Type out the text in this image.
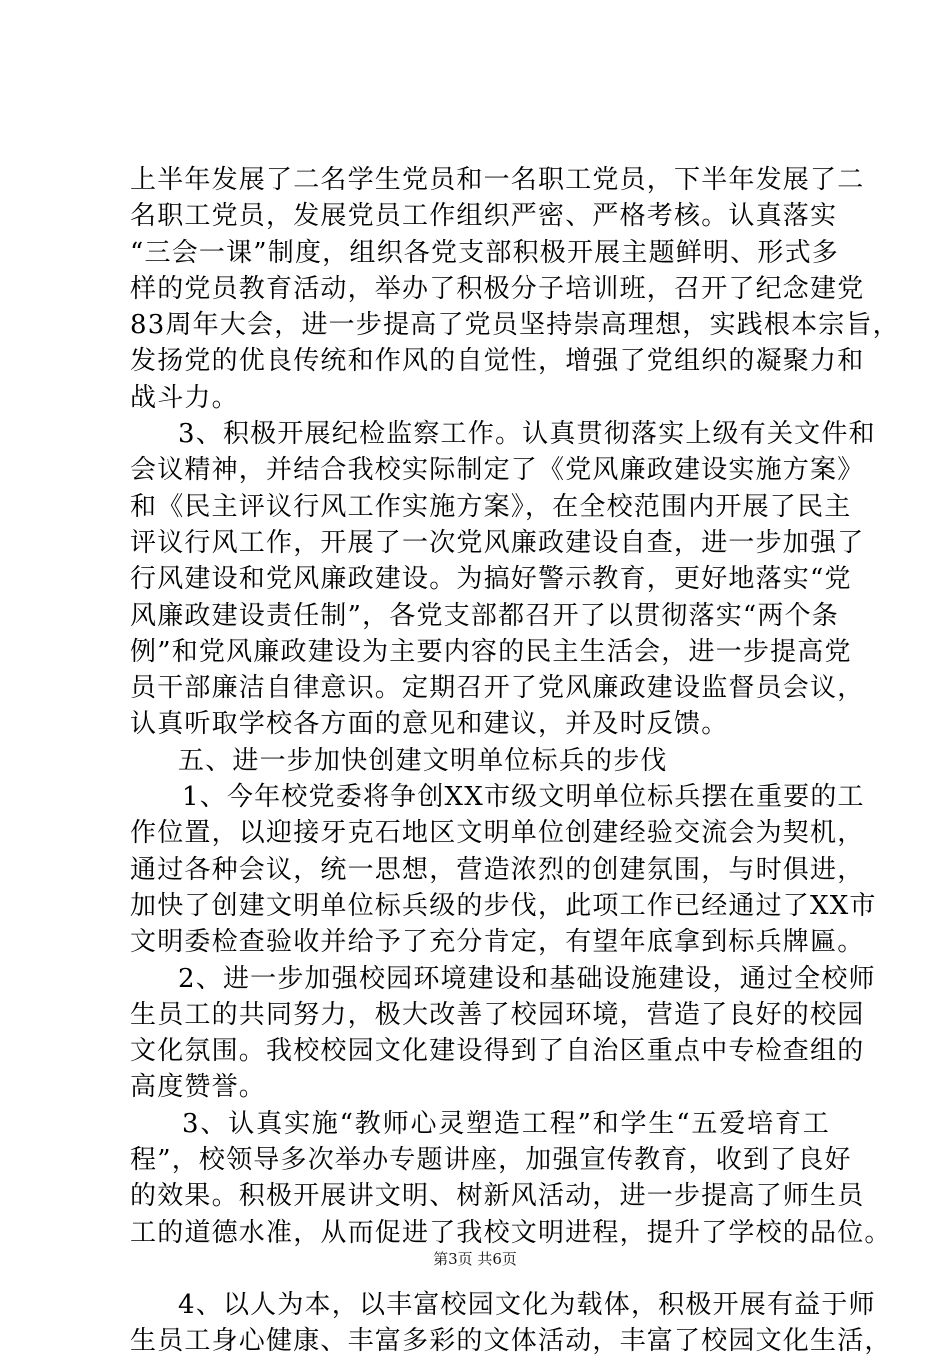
上半年发展了二名学生党员和一名职工党员，下半年发展了二
名职工党员，发展党员工作组织严密、严格考核。认真落实
“三会一课”制度，组织各党支部积极开展主题鲜明、形式多
样的党员教育活动，举办了积极分子培训班，召开了纪念建党
83周年大会，进一步提高了党员坚持崇高理想，实践根本宗旨，
发扬党的优良传统和作风的自觉性，增强了党组织的凝聚力和
战斗力。
3、积极开展纪检监察工作。认真贯彻落实上级有关文件和
会议精神，并结合我校实际制定了《党风廉政建设实施方案》
和《民主评议行风工作实施方案》，在全校范围内开展了民主
评议行风工作，开展了一次党风廉政建设自查，进一步加强了
行风建设和党风廉政建设。为搞好警示教育，更好地落实“党
风廉政建设责任制”，各党支部都召开了以贯彻落实“两个条
例”和党风廉政建设为主要内容的民主生活会，进一步提高党
员干部廉洁自律意识。定期召开了党风廉政建设监督员会议，
认真听取学校各方面的意见和建议，并及时反馈。
五、进一步加快创建文明单位标兵的步伐
1、今年校党委将争创XX市级文明单位标兵摆在重要的工
作位置，以迎接牙克石地区文明单位创建经验交流会为契机，
通过各种会议，统一思想，营造浓烈的创建氛围，与时俱进，
加快了创建文明单位标兵级的步伐，此项工作已经通过了XX市
文明委检查验收并给予了充分肯定，有望年底拿到标兵牌匾。
2、进一步加强校园环境建设和基础设施建设，通过全校师
生员工的共同努力，极大改善了校园环境，营造了良好的校园
文化氛围。我校校园文化建设得到了自治区重点中专检查组的
高度赞誉。
3、认真实施“教师心灵塑造工程”和学生“五爱培育工
程”，校领导多次举办专题讲座，加强宣传教育，收到了良好
的效果。积极开展讲文明、树新风活动，进一步提高了师生员
工的道德水准，从而促进了我校文明进程，提升了学校的品位。
4、以人为本，以丰富校园文化为载体，积极开展有益于师
生员工身心健康、丰富多彩的文体活动，丰富了校园文化生活，
第3页 共6页
